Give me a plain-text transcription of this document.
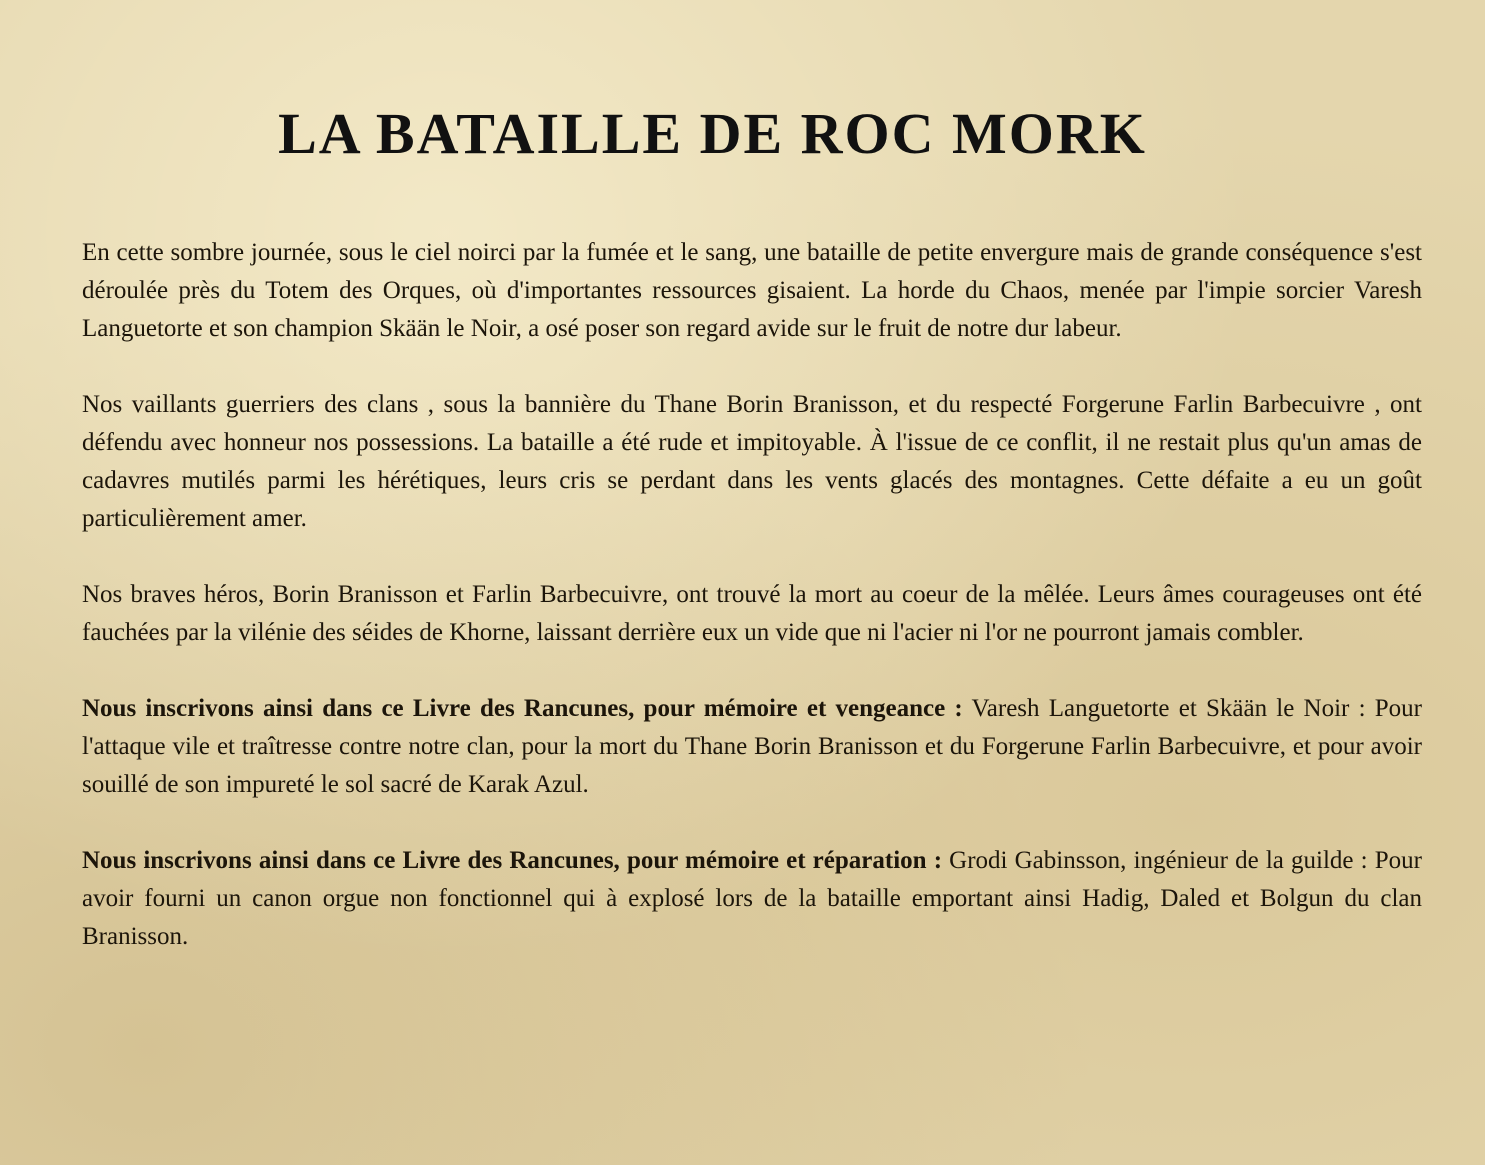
LA BATAILLE DE ROC MORK

En cette sombre journée, sous le ciel noirci par la fumée et le sang, une bataille de petite envergure mais de grande conséquence s'est déroulée près du Totem des Orques, où d'importantes ressources gisaient. La horde du Chaos, menée par l'impie sorcier Varesh Languetorte et son champion Skään le Noir, a osé poser son regard avide sur le fruit de notre dur labeur.

Nos vaillants guerriers des clans , sous la bannière du Thane Borin Branisson, et du respecté Forgerune Farlin Barbecuivre , ont défendu avec honneur nos possessions. La bataille a été rude et impitoyable. À l'issue de ce conflit, il ne restait plus qu'un amas de cadavres mutilés parmi les hérétiques, leurs cris se perdant dans les vents glacés des montagnes. Cette défaite a eu un goût particulièrement amer.

Nos braves héros, Borin Branisson et Farlin Barbecuivre, ont trouvé la mort au coeur de la mêlée. Leurs âmes courageuses ont été fauchées par la vilénie des séides de Khorne, laissant derrière eux un vide que ni l'acier ni l'or ne pourront jamais combler.

Nous inscrivons ainsi dans ce Livre des Rancunes, pour mémoire et vengeance : Varesh Languetorte et Skään le Noir : Pour l'attaque vile et traîtresse contre notre clan, pour la mort du Thane Borin Branisson et du Forgerune Farlin Barbecuivre, et pour avoir souillé de son impureté le sol sacré de Karak Azul.

Nous inscrivons ainsi dans ce Livre des Rancunes, pour mémoire et réparation : Grodi Gabinsson, ingénieur de la guilde : Pour avoir fourni un canon orgue non fonctionnel qui à explosé lors de la bataille emportant ainsi Hadig, Daled et Bolgun du clan Branisson.
